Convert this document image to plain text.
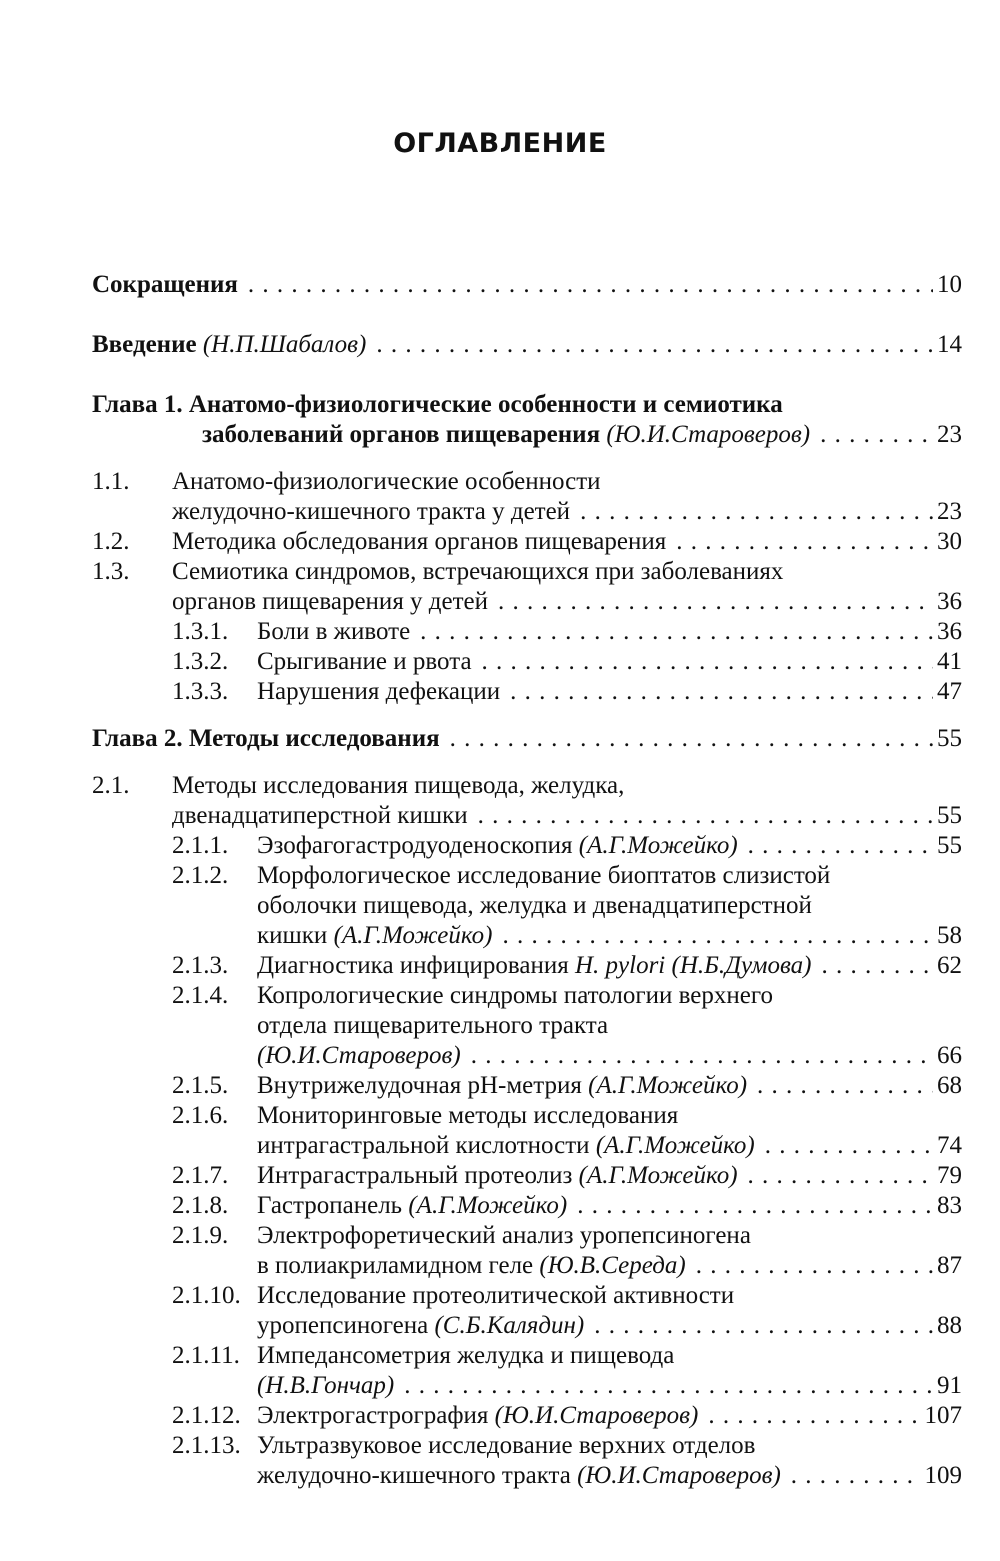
ОГЛАВЛЕНИЕ
Сокращения . . .	10
Введение
(Н.П.Шабалов) . . .	14
Глава 1. Анатомо-физиологические особенности и семиотика
заболеваний органов пищеварения
(Ю.И.Староверов) . . .	23
1.1. Анатомо-физиологические особенности
желудочно-кишечного тракта у детей . . .	23
1.2. Методика обследования органов пищеварения . . .	30
1.3. Семиотика синдромов, встречающихся при заболеваниях
органов пищеварения у детей . . .	36
1.3.1. Боли в животе . . .	36
1.3.2. Срыгивание и рвота . . .	41
1.3.3. Нарушения дефекации . . .	47
Глава 2. Методы исследования . . .	55
2.1. Методы исследования пищевода, желудка,
двенадцатиперстной кишки . . .	55
2.1.1. Эзофагогастродуоденоскопия
(А.Г.Можейко) . . .	55
2.1.2. Морфологическое исследование биоптатов слизистой
оболочки пищевода, желудка и двенадцатиперстной
кишки
(А.Г.Можейко) . . .	58
2.1.3. Диагностика инфицирования
H. pylori
(Н.Б.Думова) . . .	62
2.1.4. Копрологические синдромы патологии верхнего
отдела пищеварительного тракта
(Ю.И.Староверов) . . .	66
2.1.5. Внутрижелудочная рН-метрия
(А.Г.Можейко) . . .	68
2.1.6. Мониторинговые методы исследования
интрагастральной кислотности
(А.Г.Можейко) . . .	74
2.1.7. Интрагастральный протеолиз
(А.Г.Можейко) . . .	79
2.1.8. Гастропанель
(А.Г.Можейко) . . .	83
2.1.9. Электрофоретический анализ уропепсиногена
в полиакриламидном геле
(Ю.В.Середа) . . .	87
2.1.10. Исследование протеолитической активности
уропепсиногена
(С.Б.Калядин) . . .	88
2.1.11. Импедансометрия желудка и пищевода
(Н.В.Гончар) . . .	91
2.1.12. Электрогастрография
(Ю.И.Староверов) . . .	107
2.1.13. Ультразвуковое исследование верхних отделов
желудочно-кишечного тракта
(Ю.И.Староверов) . . .	109
